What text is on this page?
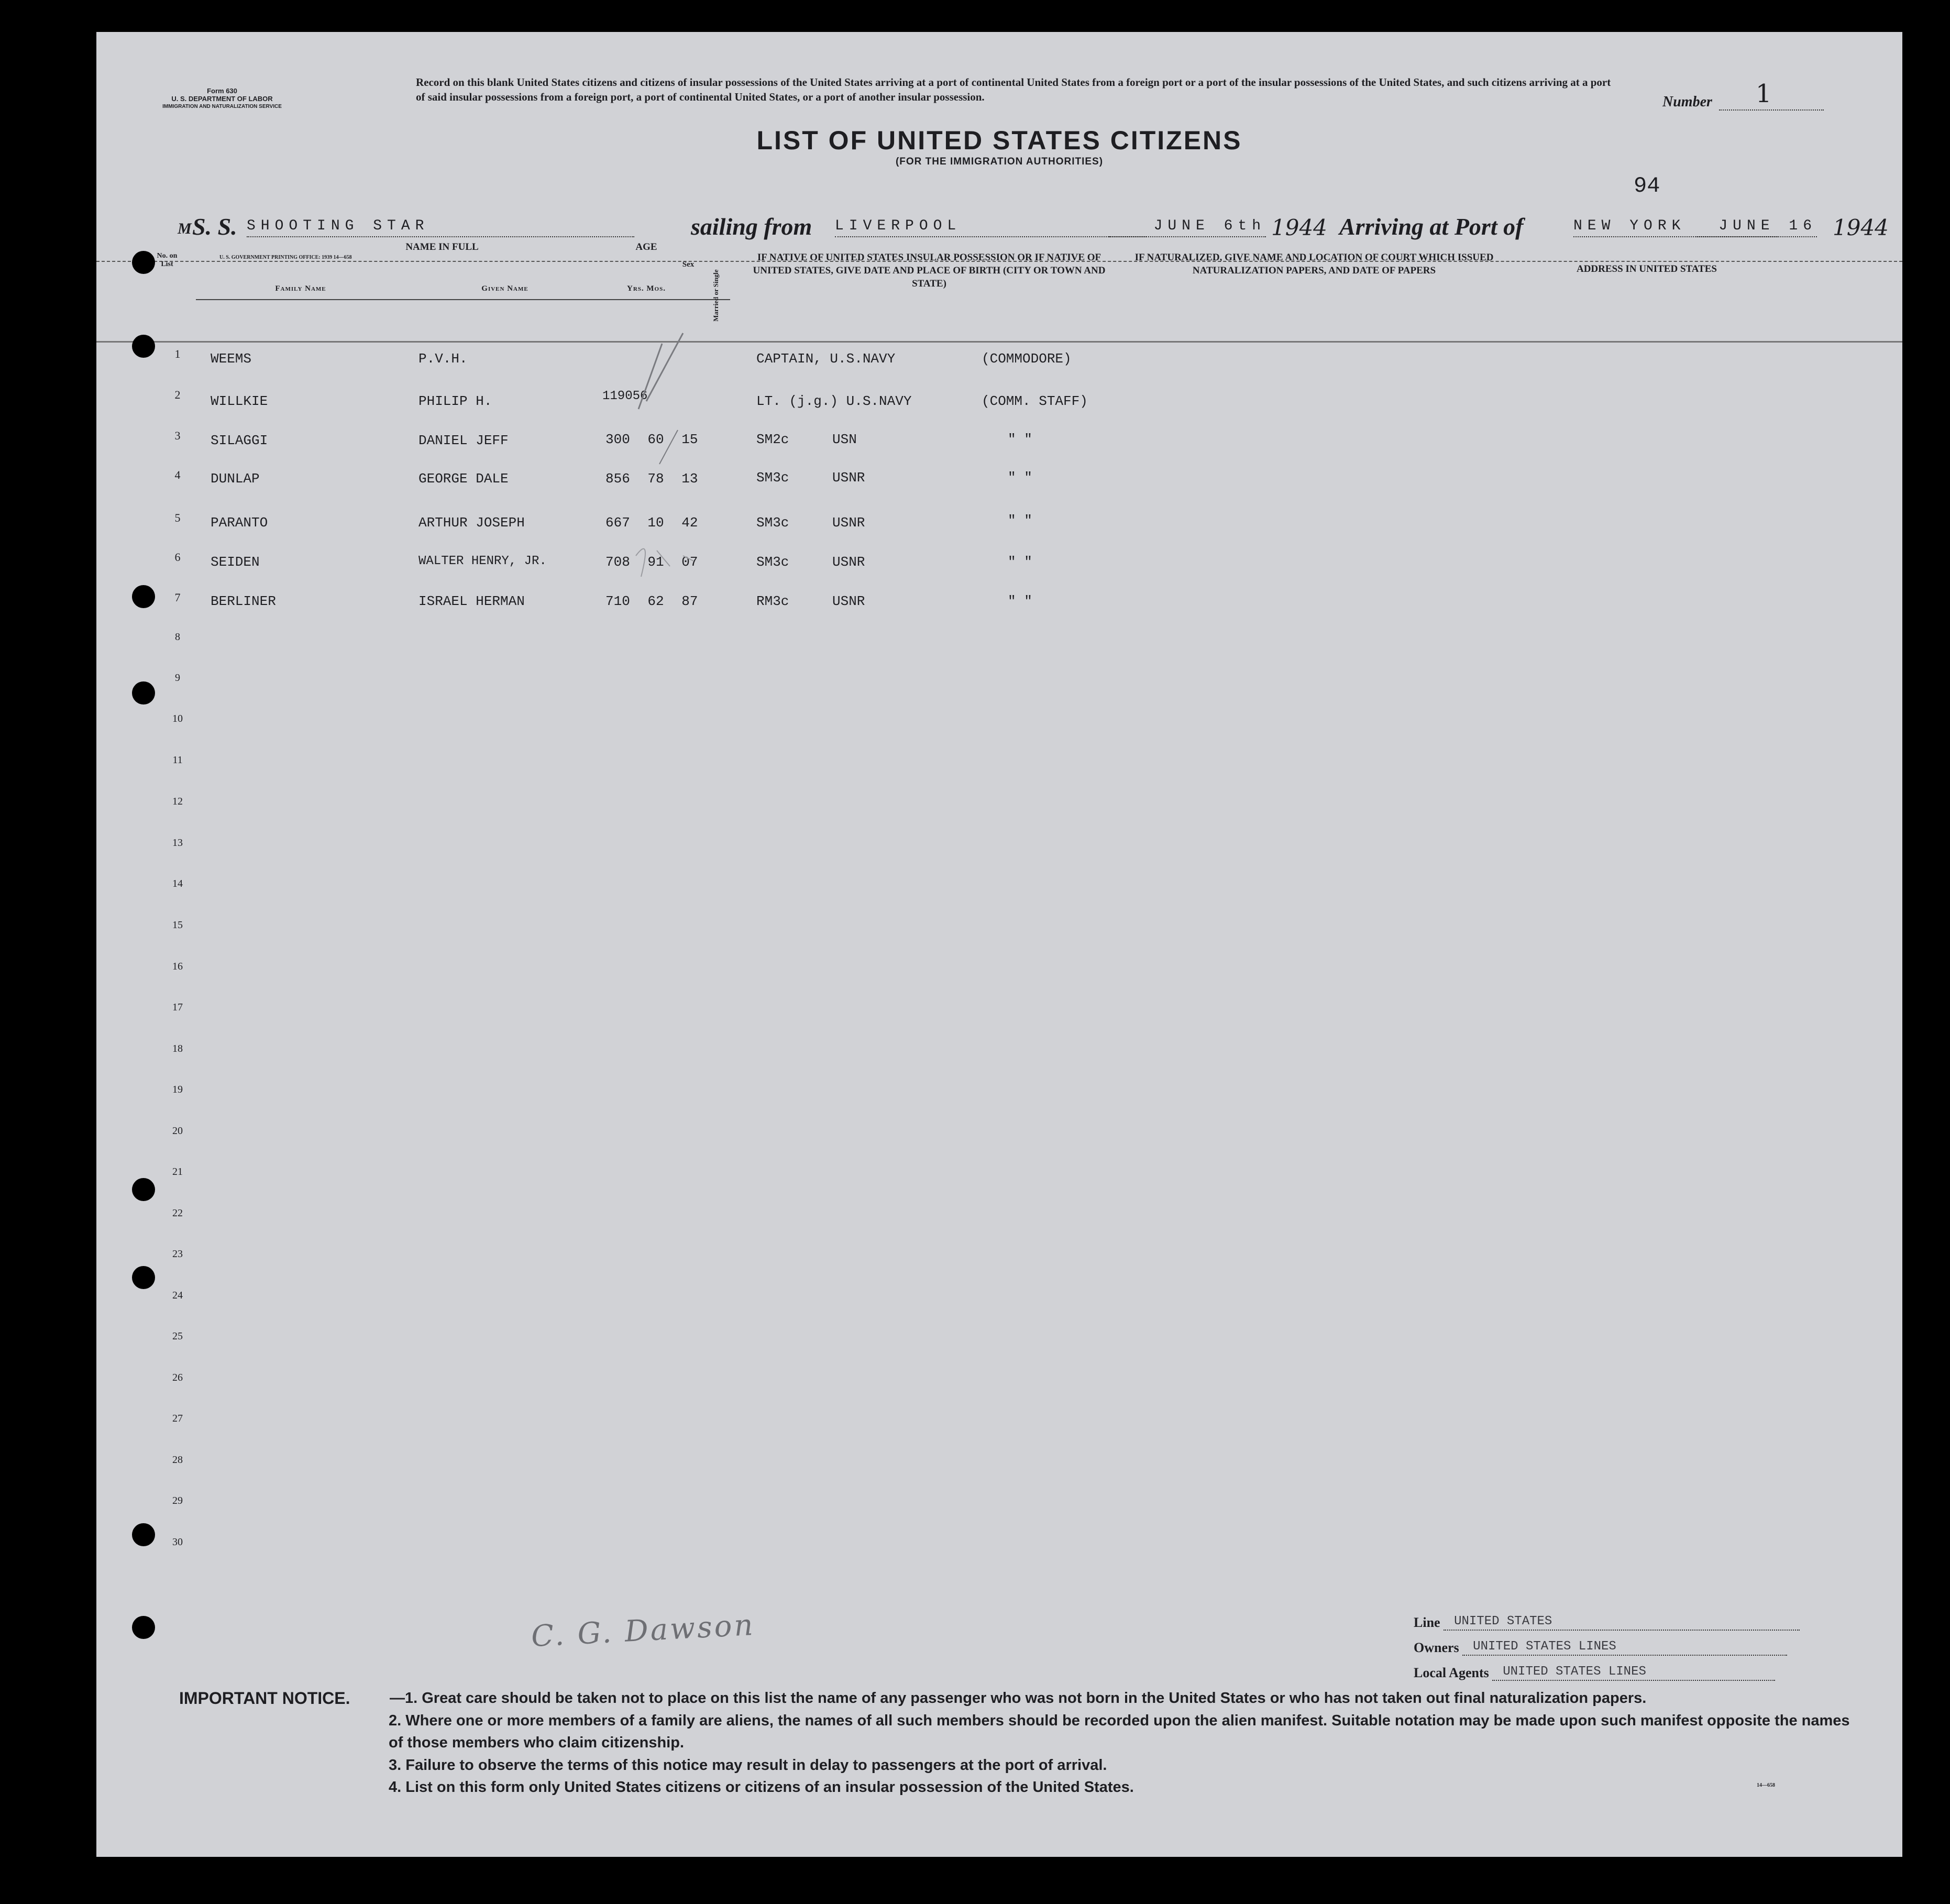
Form 630
U. S. DEPARTMENT OF LABOR
IMMIGRATION AND NATURALIZATION SERVICE
Record on this blank United States citizens and citizens of insular possessions of the United States arriving at a port of continental United States from a foreign port or a port of the insular possessions of the United States, and such citizens arriving at a port of said insular possessions from a foreign port, a port of continental United States, or a port of another insular possession.	Number 1
LIST OF UNITED STATES CITIZENS
(FOR THE IMMIGRATION AUTHORITIES)
94
M S. S. SHOOTING STAR	sailing from LIVERPOOL	JUNE 6th 1944 Arriving at Port of	NEW YORK	JUNE 16 1944
U. S. GOVERNMENT PRINTING OFFICE: 1939 14—658
No. on List
NAME IN FULL	AGE
Sex
Married or Single
Family Name	Given Name	Yrs. Mos.
IF NATIVE OF UNITED STATES INSULAR POSSESSION OR IF NATIVE OF UNITED STATES, GIVE DATE AND PLACE OF BIRTH (CITY OR TOWN AND STATE)
IF NATURALIZED, GIVE NAME AND LOCATION OF COURT WHICH ISSUED NATURALIZATION PAPERS, AND DATE OF PAPERS	ADDRESS IN UNITED STATES
1	WEEMS	P.V.H.	CAPTAIN, U.S.NAVY	(COMMODORE)
2	WILLKIE	PHILIP H.	119056	LT. (j.g.) U.S.NAVY	(COMM. STAFF)
3	SILAGGI	DANIEL JEFF	300 60 15	SM2c	USN	" "
4	DUNLAP	GEORGE DALE	856 78 13	SM3c	USNR	" "
5	PARANTO	ARTHUR JOSEPH	667 10 42	SM3c	USNR	" "
6	SEIDEN	WALTER HENRY, JR.	708 91 07	SM3c	USNR	" "
7	BERLINER	ISRAEL HERMAN	710 62 87	RM3c	USNR	" "
8
9
10
11
12
13
14
15
16
17
18
19
20
21
22
23
24
25
26
27
28
29
30
C. G. Dawson	Line UNITED STATES
Owners UNITED STATES LINES
Local Agents UNITED STATES LINES
IMPORTANT NOTICE.	—1. Great care should be taken not to place on this list the name of any passenger who was not born in the United States or who has not taken out final naturalization papers.
2. Where one or more members of a family are aliens, the names of all such members should be recorded upon the alien manifest. Suitable notation may be made upon such manifest opposite the names of those members who claim citizenship.
3. Failure to observe the terms of this notice may result in delay to passengers at the port of arrival.
4. List on this form only United States citizens or citizens of an insular possession of the United States.	14—658
